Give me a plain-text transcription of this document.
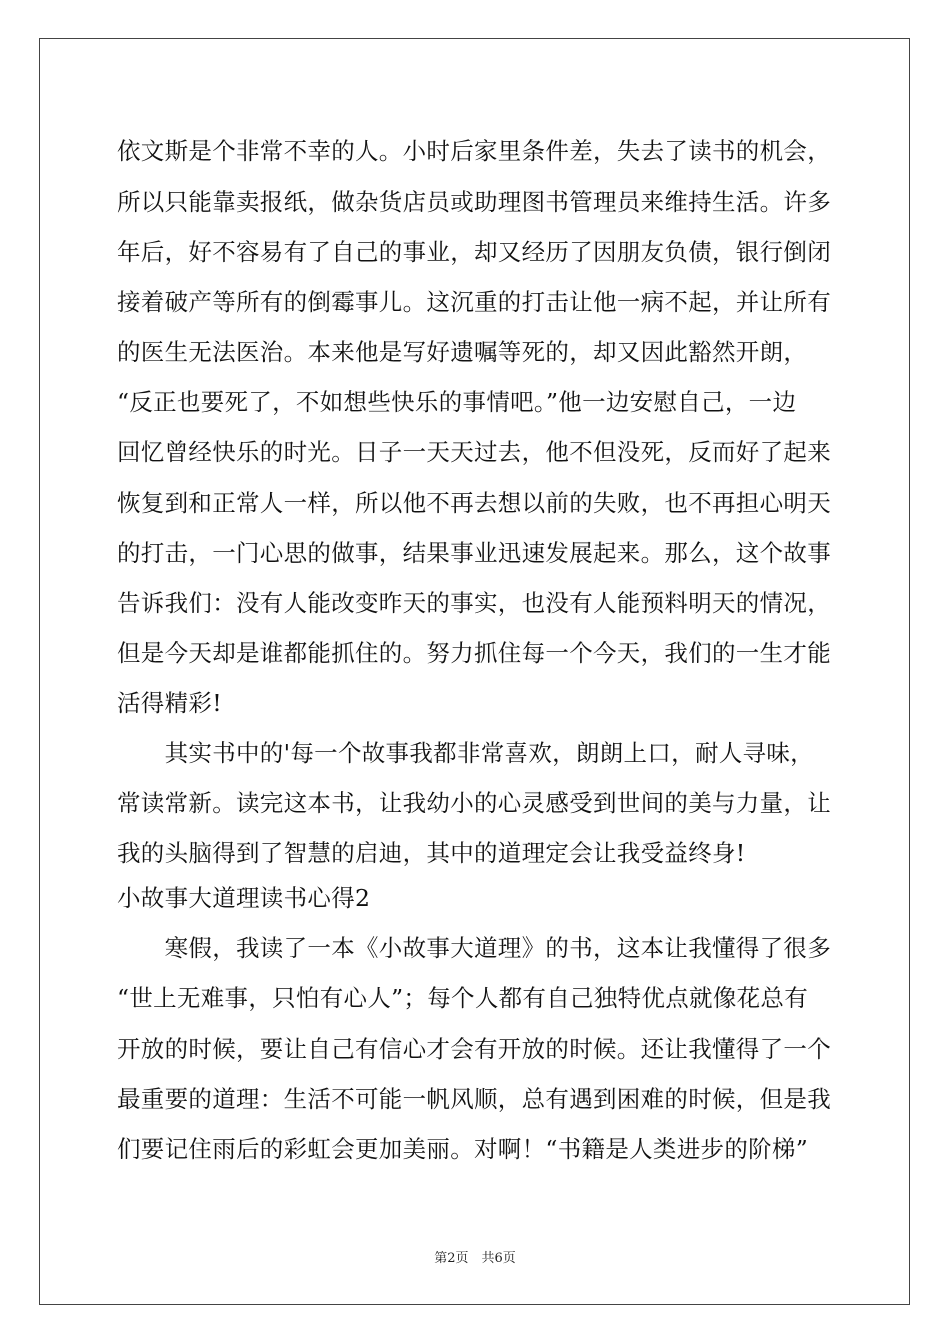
依文斯是个非常不幸的人。小时后家里条件差，失去了读书的机会，
所以只能靠卖报纸，做杂货店员或助理图书管理员来维持生活。许多
年后，好不容易有了自己的事业，却又经历了因朋友负债，银行倒闭
接着破产等所有的倒霉事儿。这沉重的打击让他一病不起，并让所有
的医生无法医治。本来他是写好遗嘱等死的，却又因此豁然开朗，
“反正也要死了，不如想些快乐的事情吧。”他一边安慰自己，一边
回忆曾经快乐的时光。日子一天天过去，他不但没死，反而好了起来
恢复到和正常人一样，所以他不再去想以前的失败，也不再担心明天
的打击，一门心思的做事，结果事业迅速发展起来。那么，这个故事
告诉我们：没有人能改变昨天的事实，也没有人能预料明天的情况，
但是今天却是谁都能抓住的。努力抓住每一个今天，我们的一生才能
活得精彩!
　　其实书中的'每一个故事我都非常喜欢，朗朗上口，耐人寻味，
常读常新。读完这本书，让我幼小的心灵感受到世间的美与力量，让
我的头脑得到了智慧的启迪，其中的道理定会让我受益终身!
小故事大道理读书心得2
　　寒假，我读了一本《小故事大道理》的书，这本让我懂得了很多
“世上无难事，只怕有心人”；每个人都有自己独特优点就像花总有
开放的时候，要让自己有信心才会有开放的时候。还让我懂得了一个
最重要的道理：生活不可能一帆风顺，总有遇到困难的时候，但是我
们要记住雨后的彩虹会更加美丽。对啊！“书籍是人类进步的阶梯”
第2页　共6页
